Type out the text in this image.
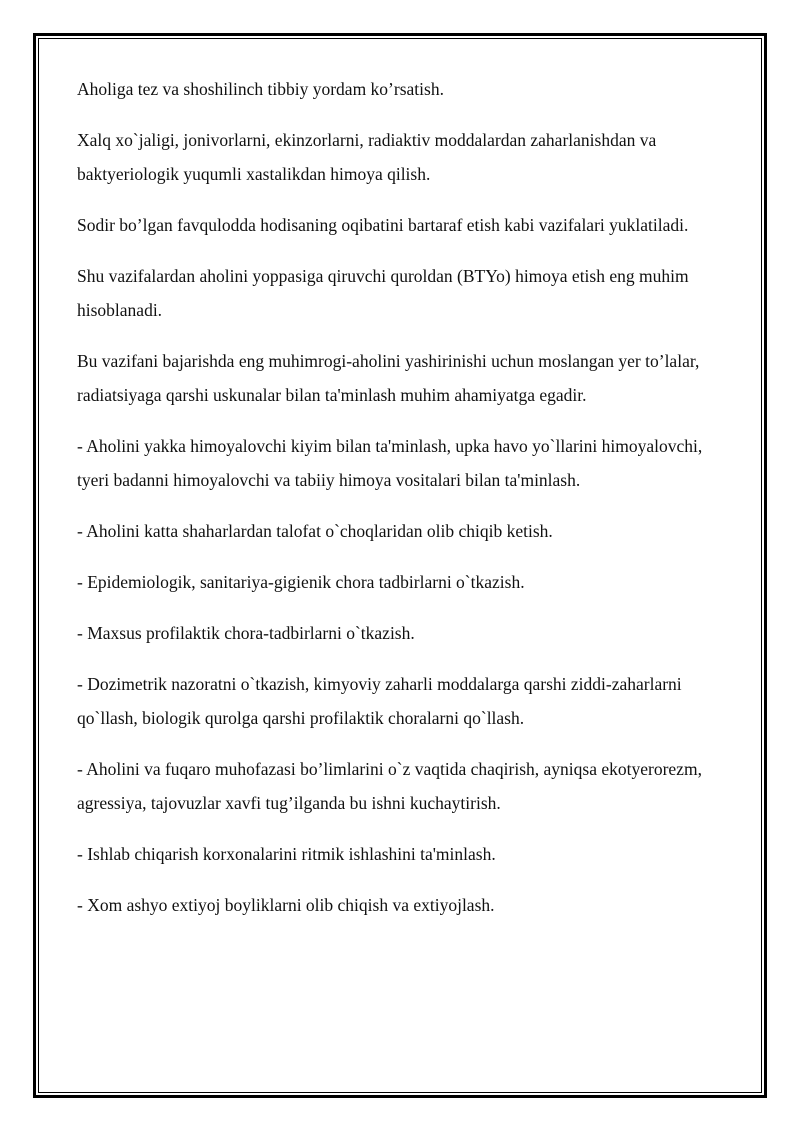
Aholiga tez va shoshilinch tibbiy yordam ko’rsatish.

Xalq xo`jaligi, jonivorlarni, ekinzorlarni, radiaktiv moddalardan zaharlanishdan va baktyeriologik yuqumli xastalikdan himoya qilish.

Sodir bo’lgan favqulodda hodisaning oqibatini bartaraf etish kabi vazifalari yuklatiladi.

Shu vazifalardan aholini yoppasiga qiruvchi quroldan (BTYo) himoya etish eng muhim hisoblanadi.

Bu vazifani bajarishda eng muhimrogi-aholini yashirinishi uchun moslangan yer to’lalar, radiatsiyaga qarshi uskunalar bilan ta'minlash muhim ahamiyatga egadir.

- Aholini yakka himoyalovchi kiyim bilan ta'minlash, upka havo yo`llarini himoyalovchi, tyeri badanni himoyalovchi va tabiiy himoya vositalari bilan ta'minlash.

- Aholini katta shaharlardan talofat o`choqlaridan olib chiqib ketish.

- Epidemiologik, sanitariya-gigienik chora tadbirlarni o`tkazish.

- Maxsus profilaktik chora-tadbirlarni o`tkazish.

- Dozimetrik nazoratni o`tkazish, kimyoviy zaharli moddalarga qarshi ziddi-zaharlarni qo`llash, biologik qurolga qarshi profilaktik choralarni qo`llash.

- Aholini va fuqaro muhofazasi bo’limlarini o`z vaqtida chaqirish, ayniqsa ekotyerorezm, agressiya, tajovuzlar xavfi tug’ilganda bu ishni kuchaytirish.

- Ishlab chiqarish korxonalarini ritmik ishlashini ta'minlash.

- Xom ashyo extiyoj boyliklarni olib chiqish va extiyojlash.
